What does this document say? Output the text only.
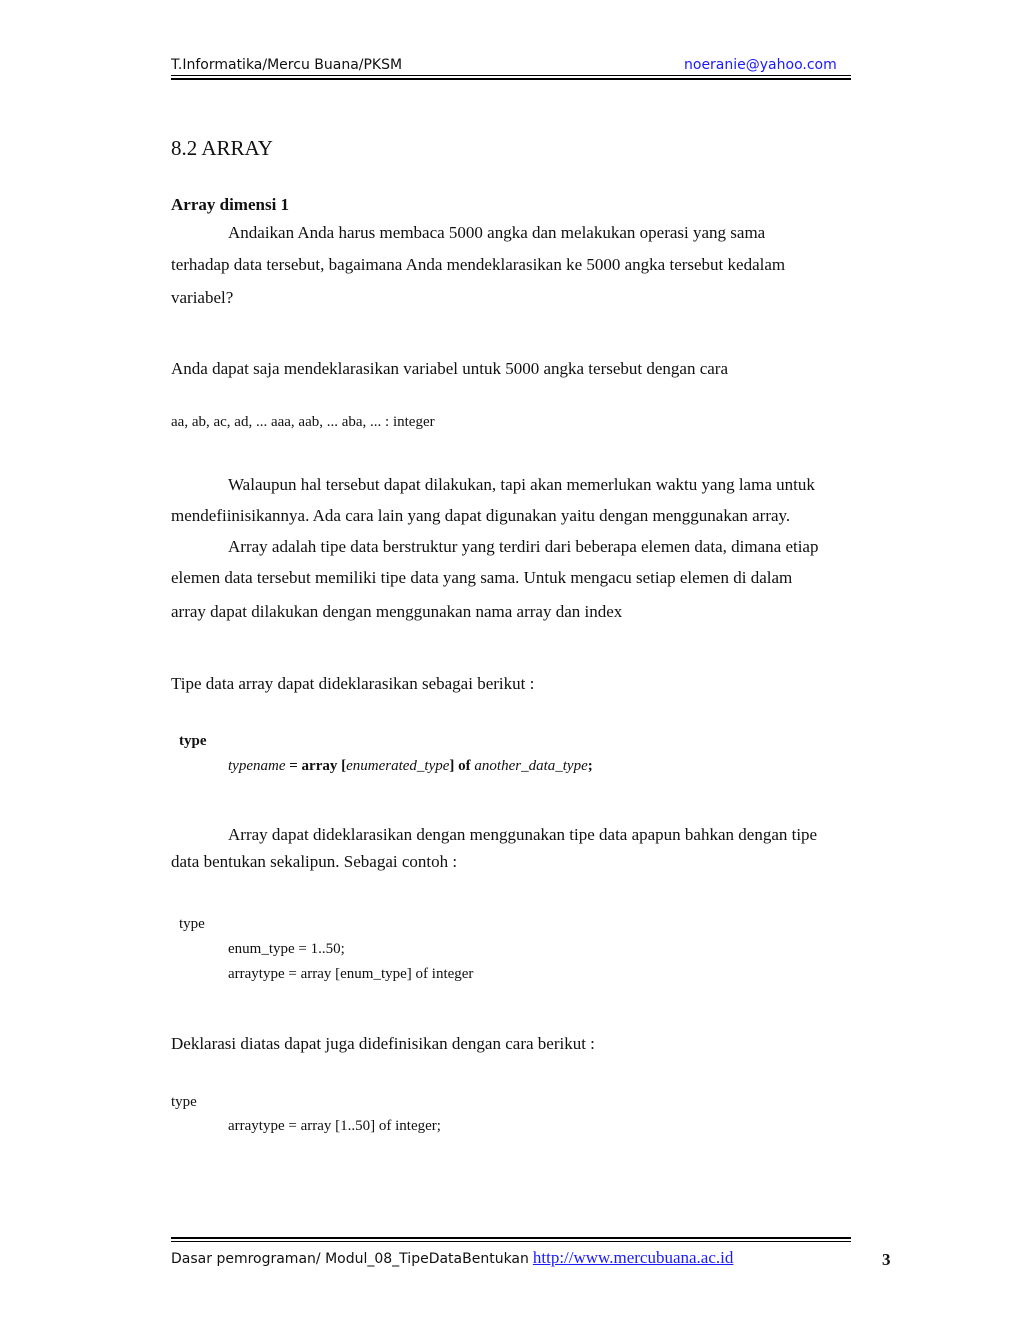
T.Informatika/Mercu Buana/PKSM	noeranie@yahoo.com
8.2 ARRAY
Array dimensi 1
Andaikan Anda harus membaca 5000 angka dan melakukan operasi yang sama
terhadap data tersebut, bagaimana Anda mendeklarasikan ke 5000 angka tersebut kedalam
variabel?
Anda dapat saja mendeklarasikan variabel untuk 5000 angka tersebut dengan cara
aa, ab, ac, ad, ... aaa, aab, ... aba, ... : integer
Walaupun hal tersebut dapat dilakukan, tapi akan memerlukan waktu yang lama untuk
mendefiinisikannya. Ada cara lain yang dapat digunakan yaitu dengan menggunakan array.
Array adalah tipe data berstruktur yang terdiri dari beberapa elemen data, dimana etiap
elemen data tersebut memiliki tipe data yang sama. Untuk mengacu setiap elemen di dalam
array dapat dilakukan dengan menggunakan nama array dan index
Tipe data array dapat dideklarasikan sebagai berikut :
type
typename = array [enumerated_type] of another_data_type;
Array dapat dideklarasikan dengan menggunakan tipe data apapun bahkan dengan tipe
data bentukan sekalipun. Sebagai contoh :
type
enum_type = 1..50;
arraytype = array [enum_type] of integer
Deklarasi diatas dapat juga didefinisikan dengan cara berikut :
type
arraytype = array [1..50] of integer;
Dasar pemrograman/ Modul_08_TipeDataBentukan http://www.mercubuana.ac.id	3
